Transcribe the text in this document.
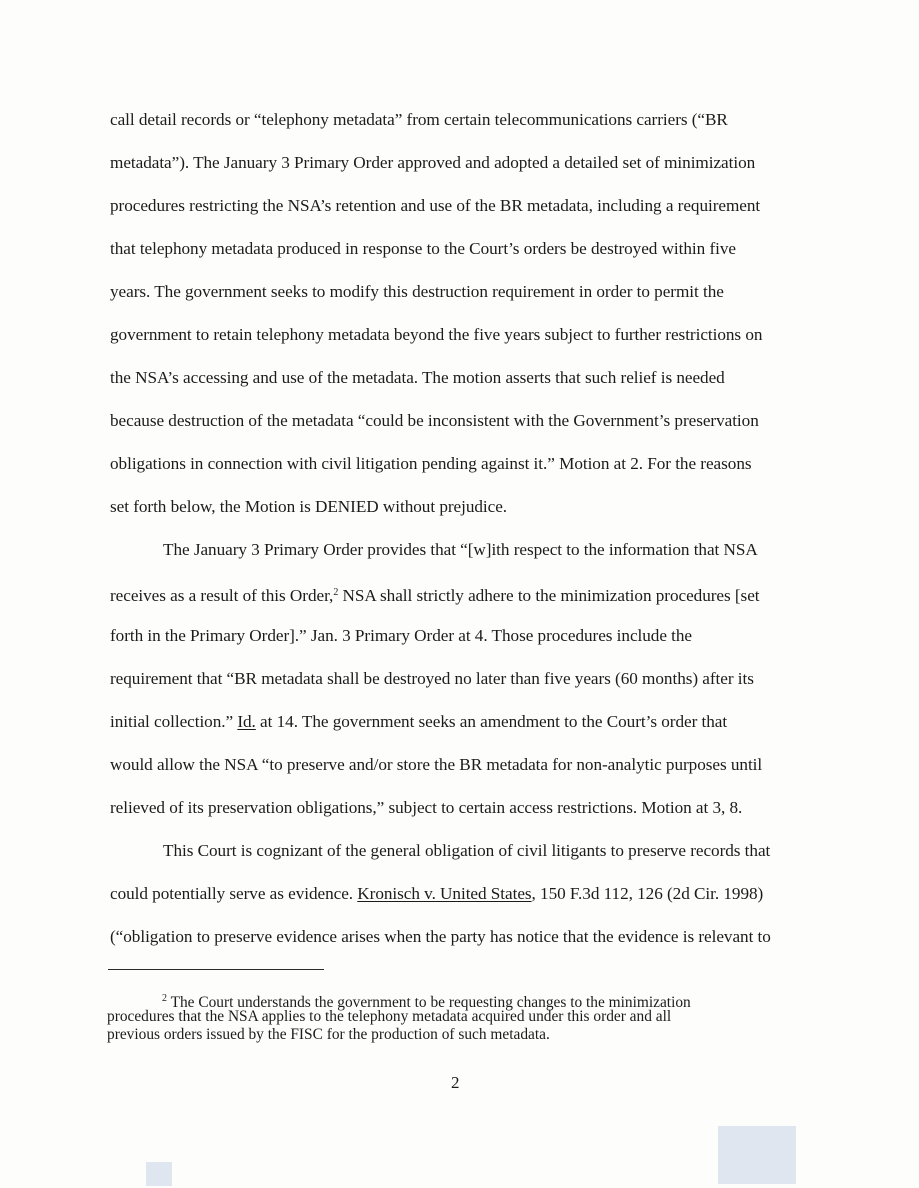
call detail records or “telephony metadata” from certain telecommunications carriers (“BR
metadata”). The January 3 Primary Order approved and adopted a detailed set of minimization
procedures restricting the NSA’s retention and use of the BR metadata, including a requirement
that telephony metadata produced in response to the Court’s orders be destroyed within five
years. The government seeks to modify this destruction requirement in order to permit the
government to retain telephony metadata beyond the five years subject to further restrictions on
the NSA’s accessing and use of the metadata. The motion asserts that such relief is needed
because destruction of the metadata “could be inconsistent with the Government’s preservation
obligations in connection with civil litigation pending against it.” Motion at 2. For the reasons
set forth below, the Motion is DENIED without prejudice.
The January 3 Primary Order provides that “[w]ith respect to the information that NSA
receives as a result of this Order,$^2$ NSA shall strictly adhere to the minimization procedures [set
forth in the Primary Order].” Jan. 3 Primary Order at 4. Those procedures include the
requirement that “BR metadata shall be destroyed no later than five years (60 months) after its
initial collection.” Id. at 14. The government seeks an amendment to the Court’s order that
would allow the NSA “to preserve and/or store the BR metadata for non-analytic purposes until
relieved of its preservation obligations,” subject to certain access restrictions. Motion at 3, 8.
This Court is cognizant of the general obligation of civil litigants to preserve records that
could potentially serve as evidence. Kronisch v. United States, 150 F.3d 112, 126 (2d Cir. 1998)
(“obligation to preserve evidence arises when the party has notice that the evidence is relevant to
$^2$ The Court understands the government to be requesting changes to the minimization
procedures that the NSA applies to the telephony metadata acquired under this order and all
previous orders issued by the FISC for the production of such metadata.
2
